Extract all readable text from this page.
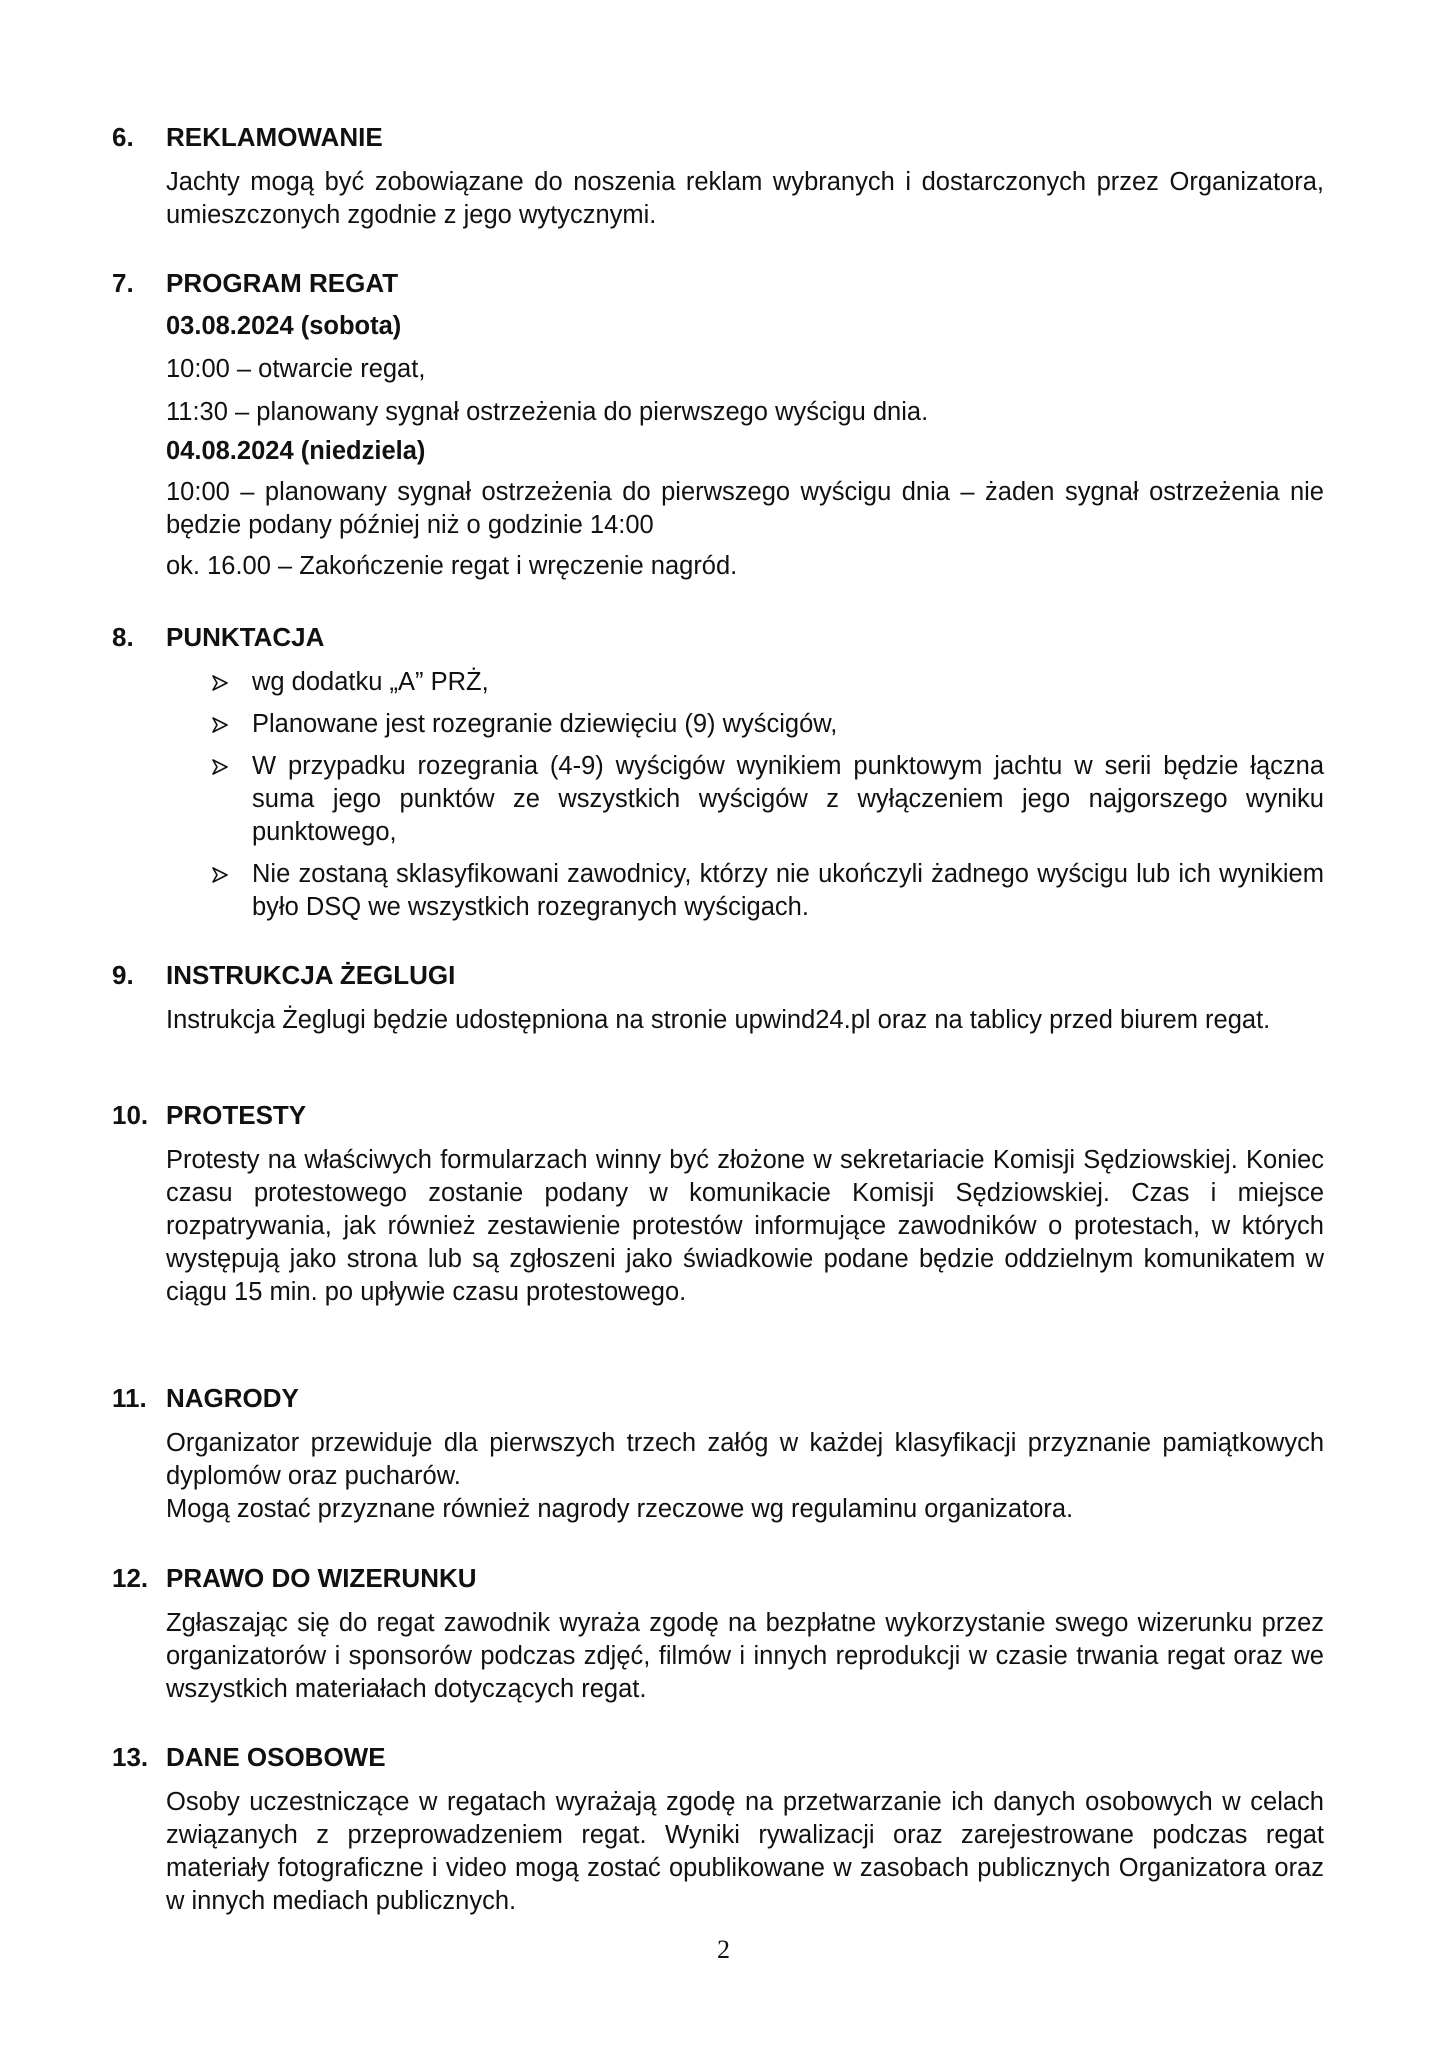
6.	REKLAMOWANIE

Jachty mogą być zobowiązane do noszenia reklam wybranych i dostarczonych przez Organizatora, umieszczonych zgodnie z jego wytycznymi.

7.	PROGRAM REGAT

03.08.2024 (sobota)

10:00 – otwarcie regat,

11:30 – planowany sygnał ostrzeżenia do pierwszego wyścigu dnia.

04.08.2024 (niedziela)

10:00 – planowany sygnał ostrzeżenia do pierwszego wyścigu dnia – żaden sygnał ostrzeżenia nie będzie podany później niż o godzinie 14:00

ok. 16.00 – Zakończenie regat i wręczenie nagród.

8.	PUNKTACJA
wg dodatku „A” PRŻ,
Planowane jest rozegranie dziewięciu (9) wyścigów,
W przypadku rozegrania (4-9) wyścigów wynikiem punktowym jachtu w serii będzie łączna suma jego punktów ze wszystkich wyścigów z wyłączeniem jego najgorszego wyniku punktowego,
Nie zostaną sklasyfikowani zawodnicy, którzy nie ukończyli żadnego wyścigu lub ich wynikiem było DSQ we wszystkich rozegranych wyścigach.
9.	INSTRUKCJA ŻEGLUGI

Instrukcja Żeglugi będzie udostępniona na stronie upwind24.pl oraz na tablicy przed biurem regat.

10. PROTESTY

Protesty na właściwych formularzach winny być złożone w sekretariacie Komisji Sędziowskiej. Koniec czasu protestowego zostanie podany w komunikacie Komisji Sędziowskiej. Czas i miejsce rozpatrywania, jak również zestawienie protestów informujące zawodników o protestach, w których występują jako strona lub są zgłoszeni jako świadkowie podane będzie oddzielnym komunikatem w ciągu 15 min. po upływie czasu protestowego.

11. NAGRODY

Organizator przewiduje dla pierwszych trzech załóg w każdej klasyfikacji przyznanie pamiątkowych dyplomów oraz pucharów.

Mogą zostać przyznane również nagrody rzeczowe wg regulaminu organizatora.

12. PRAWO DO WIZERUNKU

Zgłaszając się do regat zawodnik wyraża zgodę na bezpłatne wykorzystanie swego wizerunku przez organizatorów i sponsorów podczas zdjęć, filmów i innych reprodukcji w czasie trwania regat oraz we wszystkich materiałach dotyczących regat.

13. DANE OSOBOWE

Osoby uczestniczące w regatach wyrażają zgodę na przetwarzanie ich danych osobowych w celach związanych z przeprowadzeniem regat. Wyniki rywalizacji oraz zarejestrowane podczas regat materiały fotograficzne i video mogą zostać opublikowane w zasobach publicznych Organizatora oraz w innych mediach publicznych.

2
